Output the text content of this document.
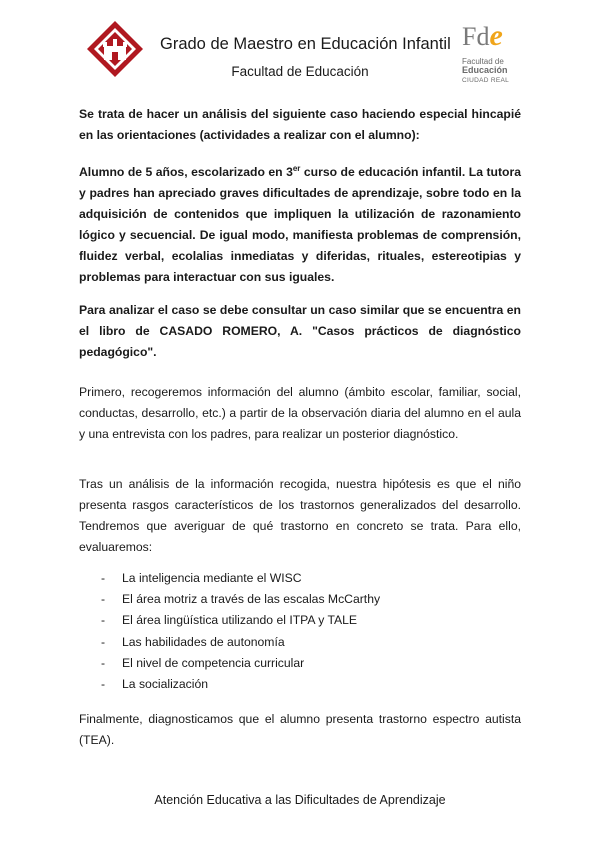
Grado de Maestro en Educación Infantil
Facultad de Educación
Fde
Facultad de
Educación
CIUDAD REAL
Se trata de hacer un análisis del siguiente caso haciendo especial hincapié en las orientaciones (actividades a realizar con el alumno):
Alumno de 5 años, escolarizado en 3er curso de educación infantil. La tutora y padres han apreciado graves dificultades de aprendizaje, sobre todo en la adquisición de contenidos que impliquen la utilización de razonamiento lógico y secuencial. De igual modo, manifiesta problemas de comprensión, fluidez verbal, ecolalias inmediatas y diferidas, rituales, estereotipias y problemas para interactuar con sus iguales.
Para analizar el caso se debe consultar un caso similar que se encuentra en el libro de CASADO ROMERO, A. "Casos prácticos de diagnóstico pedagógico".
Primero, recogeremos información del alumno (ámbito escolar, familiar, social, conductas, desarrollo, etc.) a partir de la observación diaria del alumno en el aula y una entrevista con los padres, para realizar un posterior diagnóstico.
Tras un análisis de la información recogida, nuestra hipótesis es que el niño presenta rasgos característicos de los trastornos generalizados del desarrollo. Tendremos que averiguar de qué trastorno en concreto se trata. Para ello, evaluaremos:
- La inteligencia mediante el WISC
- El área motriz a través de las escalas McCarthy
- El área lingüística utilizando el ITPA y TALE
- Las habilidades de autonomía
- El nivel de competencia curricular
- La socialización
Finalmente, diagnosticamos que el alumno presenta trastorno espectro autista (TEA).
Atención Educativa a las Dificultades de Aprendizaje
